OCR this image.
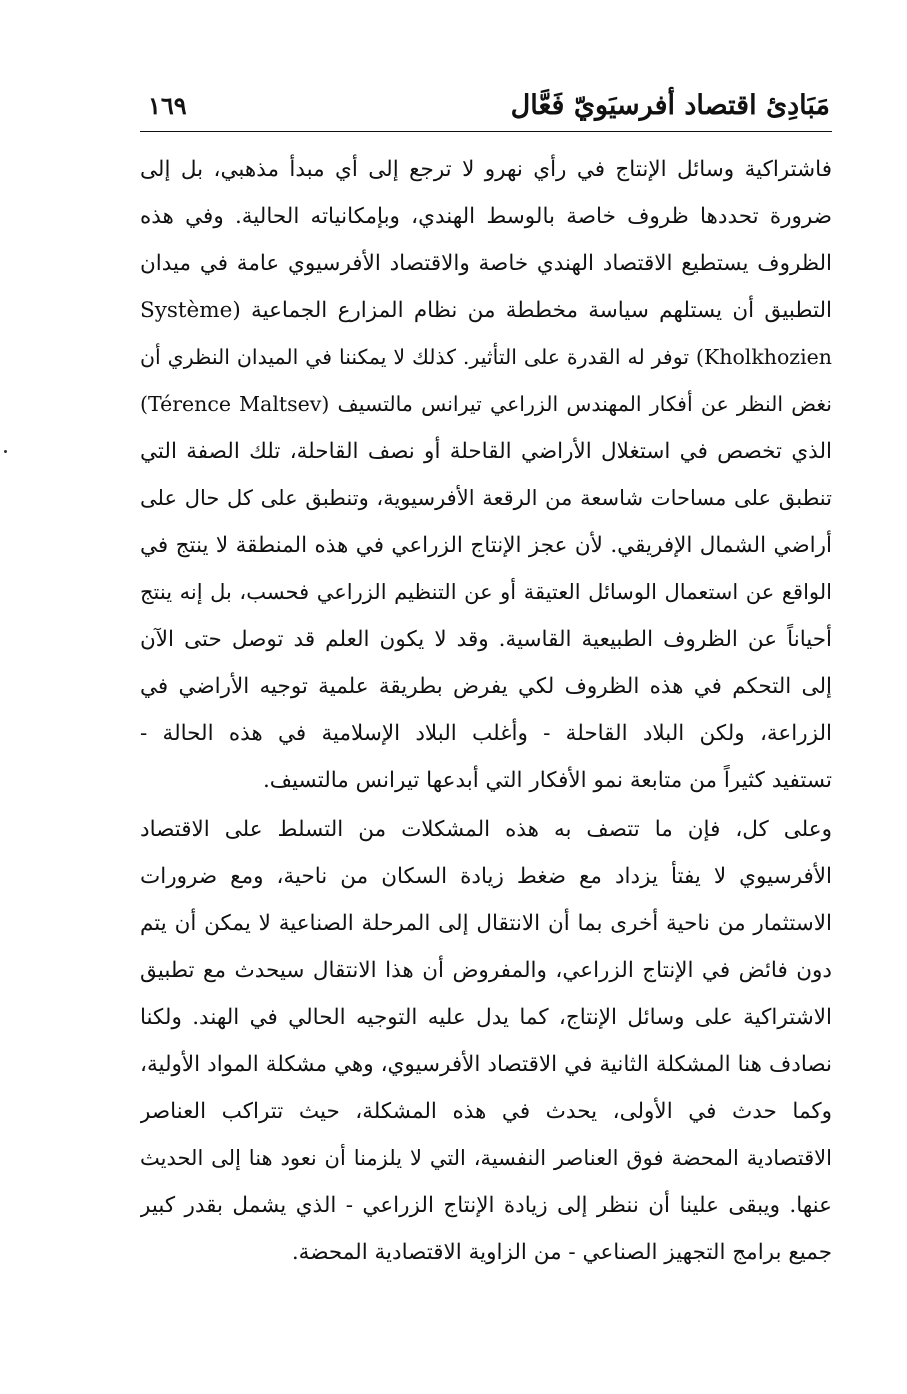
مَبَادِئ اقتصاد أفرسيَويّ فَعَّال
١٦٩
فاشتراكية وسائل الإنتاج في رأي نهرو لا ترجع إلى أي مبدأ مذهبي، بل إلى
ضرورة تحددها ظروف خاصة بالوسط الهندي، وبإمكانياته الحالية. وفي هذه
الظروف يستطيع الاقتصاد الهندي خاصة والاقتصاد الأفرسيوي عامة في ميدان
التطبيق أن يستلهم سياسة مخططة من نظام المزارع الجماعية (Système
Kholkhozien) توفر له القدرة على التأثير. كذلك لا يمكننا في الميدان النظري أن
نغض النظر عن أفكار المهندس الزراعي تيرانس مالتسيف (Térence Maltsev)
الذي تخصص في استغلال الأراضي القاحلة أو نصف القاحلة، تلك الصفة التي
تنطبق على مساحات شاسعة من الرقعة الأفرسيوية، وتنطبق على كل حال على
أراضي الشمال الإفريقي. لأن عجز الإنتاج الزراعي في هذه المنطقة لا ينتج في
الواقع عن استعمال الوسائل العتيقة أو عن التنظيم الزراعي فحسب، بل إنه ينتج
أحياناً عن الظروف الطبيعية القاسية. وقد لا يكون العلم قد توصل حتى الآن
إلى التحكم في هذه الظروف لكي يفرض بطريقة علمية توجيه الأراضي في
الزراعة، ولكن البلاد القاحلة - وأغلب البلاد الإسلامية في هذه الحالة -
تستفيد كثيراً من متابعة نمو الأفكار التي أبدعها تيرانس مالتسيف.
وعلى كل، فإن ما تتصف به هذه المشكلات من التسلط على الاقتصاد
الأفرسيوي لا يفتأ يزداد مع ضغط زيادة السكان من ناحية، ومع ضرورات
الاستثمار من ناحية أخرى بما أن الانتقال إلى المرحلة الصناعية لا يمكن أن يتم
دون فائض في الإنتاج الزراعي، والمفروض أن هذا الانتقال سيحدث مع تطبيق
الاشتراكية على وسائل الإنتاج، كما يدل عليه التوجيه الحالي في الهند. ولكنا
نصادف هنا المشكلة الثانية في الاقتصاد الأفرسيوي، وهي مشكلة المواد الأولية،
وكما حدث في الأولى، يحدث في هذه المشكلة، حيث تتراكب العناصر
الاقتصادية المحضة فوق العناصر النفسية، التي لا يلزمنا أن نعود هنا إلى الحديث
عنها. ويبقى علينا أن ننظر إلى زيادة الإنتاج الزراعي - الذي يشمل بقدر كبير
جميع برامج التجهيز الصناعي - من الزاوية الاقتصادية المحضة.
